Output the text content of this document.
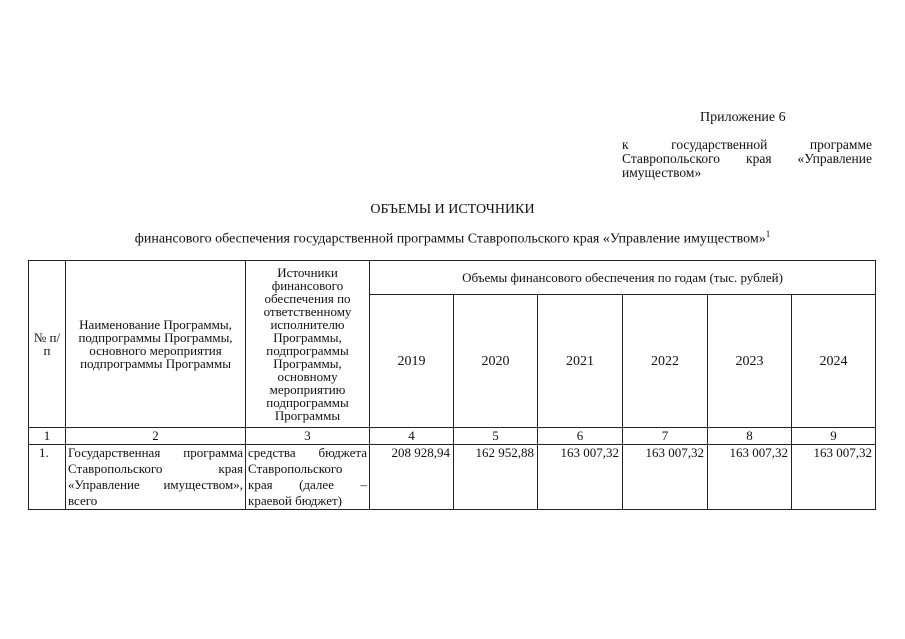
Приложение 6
к государственной программе Ставропольского края «Управление имуществом»
ОБЪЕМЫ И ИСТОЧНИКИ
финансового обеспечения государственной программы Ставропольского края «Управление имуществом»$^1$
№ п/п	Наименование Программы, подпрограммы Программы, основного мероприятия подпрограммы Программы	Источники финансового обеспечения по ответственному исполнителю Программы, подпрограммы Программы, основному мероприятию подпрограммы Программы	Объемы финансового обеспечения по годам (тыс. рублей)					
			2019	2020	2021	2022	2023	2024
1	2	3	4	5	6	7	8	9
1.	Государственная программа Ставропольского края «Управление имуществом», всего	средства бюджета Ставропольского края (далее – краевой бюджет)	208 928,94	162 952,88	163 007,32	163 007,32	163 007,32	163 007,32
